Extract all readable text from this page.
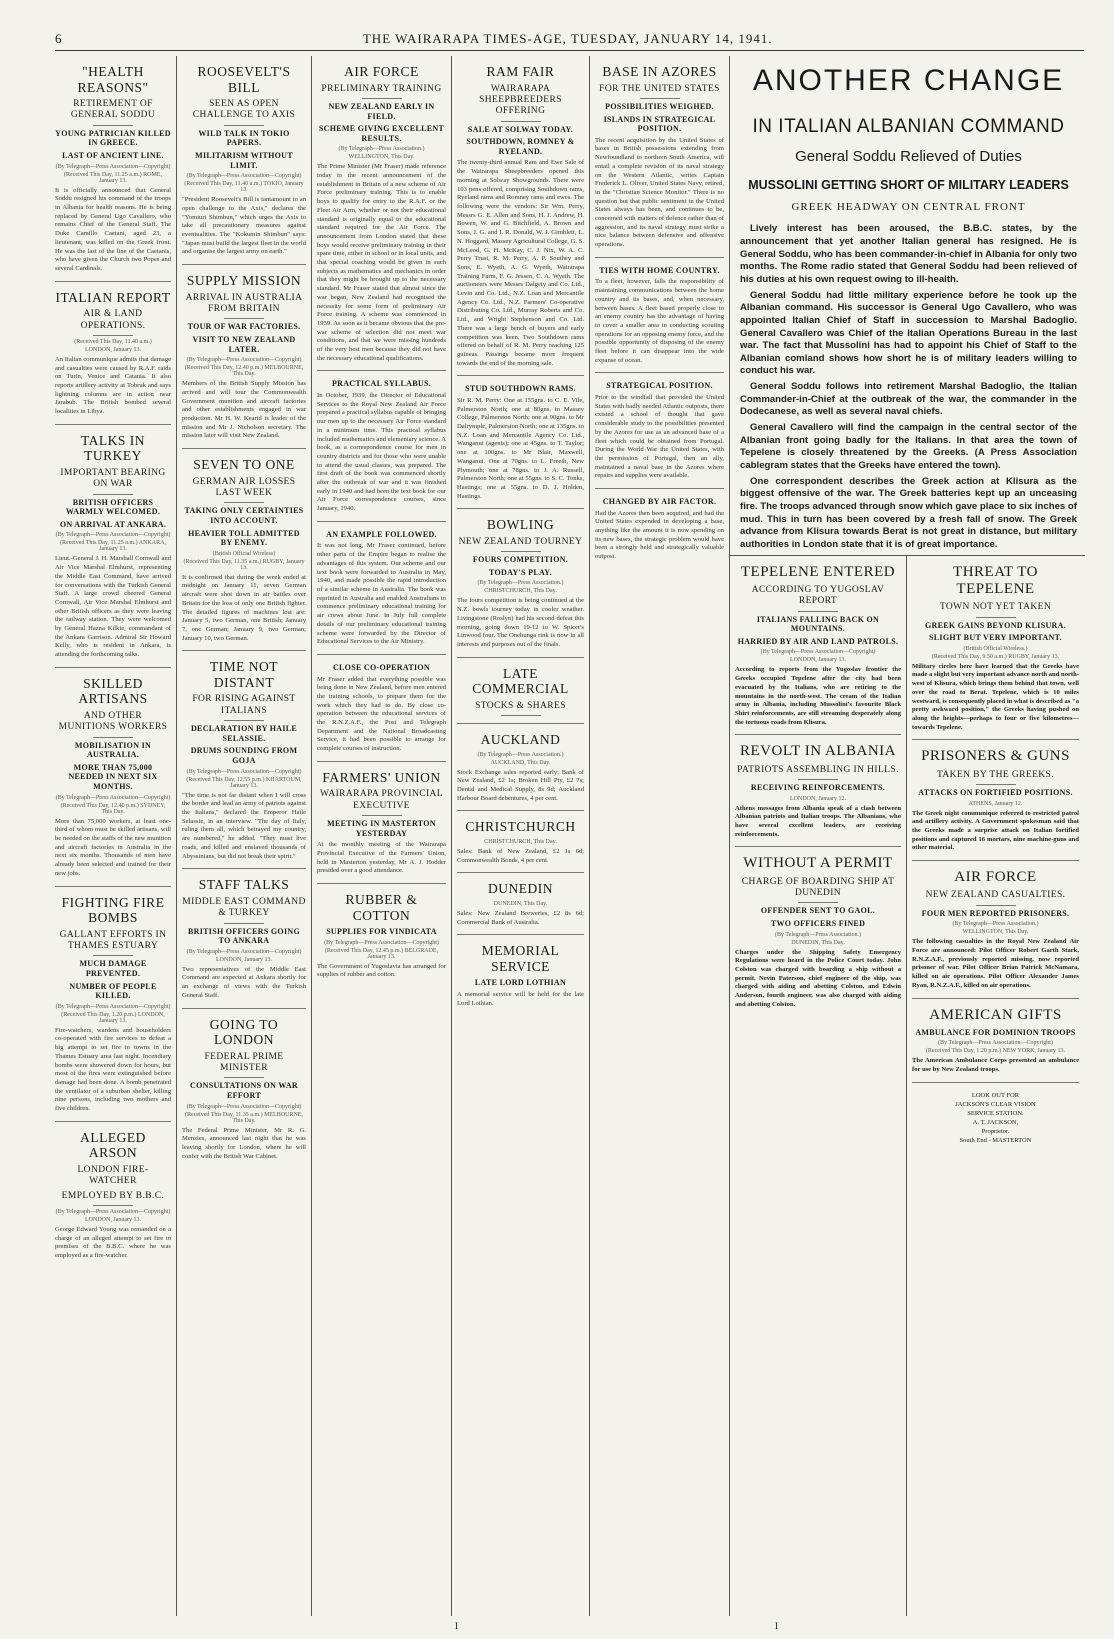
6	THE WAIRARAPA TIMES-AGE, TUESDAY, JANUARY 14, 1941.
"HEALTH REASONS"
RETIREMENT OF GENERAL SODDU
YOUNG PATRICIAN KILLED IN GREECE.
LAST OF ANCIENT LINE.
(By Telegraph—Press Association—Copyright)
(Received This Day, 11.25 a.m.) ROME, January 13.

It is officially announced that General Soddu resigned his command of the troops in Albania for health reasons. He is being replaced by General Ugo Cavallero, who remains Chief of the General Staff. The Duke Camillo Caetani, aged 23, a lieutenant, was killed on the Greek front. He was the last of the line of the Caetanis, who have given the Church two Popes and several Cardinals.

ITALIAN REPORT
AIR & LAND OPERATIONS.
(Received This Day, 11.40 a.m.)
LONDON, January 13.

An Italian communique admits that damage and casualties were caused by R.A.F. raids on Turin, Venice and Catania. It also reports artillery activity at Tobruk and says lightning columns are in action near Jarabub. The British bombed several localities in Libya.

TALKS IN TURKEY
IMPORTANT BEARING ON WAR
BRITISH OFFICERS WARMLY WELCOMED.
ON ARRIVAL AT ANKARA.
(By Telegraph—Press Association—Copyright)
(Received This Day, 11.25 a.m.) ANKARA, January 13.

Lieut.-General J. H. Marshall Cornwall and Air Vice Marshal Elmhurst, representing the Middle East Command, have arrived for conversations with the Turkish General Staff. A large crowd cheered General Cornwall, Air Vice Marshal Elmhurst and other British officers as they were leaving the railway station. They were welcomed by General Hazna Kilkie, commandant of the Ankara Garrison. Admiral Sir Howard Kelly, who is resident in Ankara, is attending the forthcoming talks.

SKILLED ARTISANS
AND OTHER MUNITIONS WORKERS
MOBILISATION IN AUSTRALIA.
MORE THAN 75,000 NEEDED IN NEXT SIX MONTHS.
(By Telegraph—Press Association—Copyright)
(Received This Day, 12.40 p.m.) SYDNEY, This Day.

More than 75,000 workers, at least one-third of whom must be skilled artisans, will be needed on the staffs of the new munition and aircraft factories in Australia in the next six months. Thousands of men have already been selected and trained for their new jobs.

FIGHTING FIRE BOMBS
GALLANT EFFORTS IN THAMES ESTUARY
MUCH DAMAGE PREVENTED.
NUMBER OF PEOPLE KILLED.
(By Telegraph—Press Association—Copyright)
(Received This Day, 1.20 p.m.) LONDON, January 13.

Fire-watchers, wardens and householders co-operated with fire services to defeat a big attempt to set fire to towns in the Thames Estuary area last night. Incendiary bombs were showered down for hours, but most of the fires were extinguished before damage had been done. A bomb penetrated the ventilator of a suburban shelter, killing nine persons, including two mothers and five children.

ALLEGED ARSON
LONDON FIRE-WATCHER
EMPLOYED BY B.B.C.
(By Telegraph—Press Association—Copyright)
LONDON, January 13.

George Edward Young was remanded on a charge of an alleged attempt to set fire to premises of the B.B.C. where he was employed as a fire-watcher.

ROOSEVELT'S BILL
SEEN AS OPEN CHALLENGE TO AXIS
WILD TALK IN TOKIO PAPERS.
MILITARISM WITHOUT LIMIT.
(By Telegraph—Press Association—Copyright)
(Received This Day, 11.40 a.m.) TOKIO, January 13.

"President Roosevelt's Bill is tantamount to an open challenge to the Axis," declares the "Yomiuri Shimbun," which urges the Axis to take all precautionary measures against eventualities. The "Kokumin Shimbun" says: "Japan must build the largest fleet in the world and organise the largest army on earth."

SUPPLY MISSION
ARRIVAL IN AUSTRALIA FROM BRITAIN
TOUR OF WAR FACTORIES.
VISIT TO NEW ZEALAND LATER.
(By Telegraph—Press Association—Copyright)
(Received This Day, 12.40 p.m.) MELBOURNE, This Day.

Members of the British Supply Mission has arrived and will tour the Commonwealth Government munition and aircraft factories and other establishments engaged in war production. Mr H. W. Kearid is leader of the mission and Mr J. Nicholson secretary. The mission later will visit New Zealand.

SEVEN TO ONE
GERMAN AIR LOSSES LAST WEEK
TAKING ONLY CERTAINTIES INTO ACCOUNT.
HEAVIER TOLL ADMITTED BY ENEMY.
(British Official Wireless)
(Received This Day, 11.35 a.m.) RUGBY, January 13.

It is confirmed that during the week ended at midnight on January 11, seven German aircraft were shot down in air battles over Britain for the loss of only one British fighter. The detailed figures of machines lost are: January 5, two German, one British; January 7, one German; January 9, two German; January 10, two German.

TIME NOT DISTANT
FOR RISING AGAINST ITALIANS
DECLARATION BY HAILE SELASSIE.
DRUMS SOUNDING FROM GOJA
(By Telegraph—Press Association—Copyright)
(Received This Day, 12.55 p.m.) KHARTOUM, January 13.

"The time is not far distant when I will cross the border and lead an army of patriots against the Italians," declared the Emperor Haile Selassie, in an interview. "The day of Italy, ruling them all, which betrayed my country, are numbered," he added. "They must live roads, and killed and enslaved thousands of Abyssinians, but did not break their spirit."

STAFF TALKS
MIDDLE EAST COMMAND & TURKEY
BRITISH OFFICERS GOING TO ANKARA
(By Telegraph—Press Association—Copyright)
LONDON, January 13.

Two representatives of the Middle East Command are expected at Ankara shortly for an exchange of views with the Turkish General Staff.

GOING TO LONDON
FEDERAL PRIME MINISTER
CONSULTATIONS ON WAR EFFORT
(By Telegraph—Press Association—Copyright)
(Received This Day, 11.35 a.m.) MELBOURNE, This Day.

The Federal Prime Minister, Mr R. G. Menzies, announced last night that he was leaving shortly for London, where he will confer with the British War Cabinet.

AIR FORCE
PRELIMINARY TRAINING
NEW ZEALAND EARLY IN FIELD.
SCHEME GIVING EXCELLENT RESULTS.
(By Telegraph—Press Association.)
WELLINGTON, This Day.

The Prime Minister (Mr Fraser) made reference today to the recent announcement of the establishment in Britain of a new scheme of Air Force preliminary training. This is to enable boys to qualify for entry to the R.A.F. or the Fleet Air Arm, whether or not their educational standard is originally equal to the educational standard required for the Air Force. The announcement from London stated that these boys would receive preliminary training in their spare time, either in school or in local units, and that special coaching would be given in such subjects as mathematics and mechanics in order that they might be brought up to the necessary standard. Mr Fraser stated that almost since the war began, New Zealand had recognised the necessity for some form of preliminary Air Force training. A scheme was commenced in 1939. As soon as it became obvious that the pre-war scheme of selection did not meet war conditions, and that we were missing hundreds of the very best men because they did not have the necessary educational qualifications.

PRACTICAL SYLLABUS.

In October, 1939, the Director of Educational Services to the Royal New Zealand Air Force prepared a practical syllabus capable of bringing our men up to the necessary Air Force standard in a minimum time. This practical syllabus included mathematics and elementary science. A book, as a correspondence course for men in country districts and for those who were unable to attend the usual classes, was prepared. The first draft of the book was commenced shortly after the outbreak of war and it was finished early in 1940 and had been the text book for our Air Force correspondence courses, since January, 1940.

AN EXAMPLE FOLLOWED.

It was not long, Mr Fraser continued, before other parts of the Empire began to realise the advantages of this system. Our scheme and our text book were forwarded to Australia in May, 1940, and made possible the rapid introduction of a similar scheme in Australia. The book was reprinted in Australia and enabled Australians to commence preliminary educational training for air crews about June. In July full complete details of our preliminary educational training scheme were forwarded by the Director of Educational Services to the Air Ministry.

CLOSE CO-OPERATION

Mr Fraser added that everything possible was being done in New Zealand, before men entered the training schools, to prepare them for the work which they had to do. By close co-operation between the educational services of the R.N.Z.A.F., the Post and Telegraph Department and the National Broadcasting Service, it had been possible to arrange for complete courses of instruction.

FARMERS' UNION
WAIRARAPA PROVINCIAL EXECUTIVE
MEETING IN MASTERTON YESTERDAY

At the monthly meeting of the Wairarapa Provincial Executive of the Farmers' Union, held in Masterton yesterday, Mr A. J. Hodder presided over a good attendance.

RUBBER & COTTON
SUPPLIES FOR VINDICATA
(By Telegraph—Press Association—Copyright)
(Received This Day, 12.45 p.m.) BELGRADE, January 13.

The Government of Yugoslavia has arranged for supplies of rubber and cotton.

RAM FAIR
WAIRARAPA SHEEPBREEDERS OFFERING
SALE AT SOLWAY TODAY.
SOUTHDOWN, ROMNEY & RYELAND.

The twenty-third annual Ram and Ewe Sale of the Wairarapa Sheepbreeders opened this morning at Solway Showgrounds. There were 103 pens offered, comprising Southdown rams, Ryeland rams and Romney rams and ewes. The following were the vendors: Sir Wm. Perry, Messrs G. E. Allen and Sons, H. J. Andrew, H. Bowen, W. and G. Bitchfield, A. Brown and Sons, J. G. and I. R. Donald, W. J. Gimblett, L. N. Hoggard, Massey Agricultural College, G. S. McLeod, G. H. McKay, C. J. Nix, W. A. C. Perry Trust, R. M. Perry, A. P. Southey and Sons, E. Wyeth, A. G. Wyeth, Wairarapa Training Farm, F. G. Jessen, C. A. Wyeth. The auctioneers were Messrs Dalgety and Co. Ltd., Levin and Co. Ltd., N.Z. Loan and Mercantile Agency Co. Ltd., N.Z. Farmers' Co-operative Distributing Co. Ltd., Murray Roberts and Co. Ltd., and Wright Stephenson and Co. Ltd. There was a large bench of buyers and early competition was keen. Two Southdown rams offered on behalf of R. M. Perry reaching 125 guineas. Passings became more frequent towards the end of the morning sale.

STUD SOUTHDOWN RAMS.

Sir R. M. Perry: One at 155gns. to C. E. Vile, Palmerston North; one at 80gns. to Massey College, Palmerston North; one at 90gns. to Mr Dalrymple, Palmerston North; one at 135gns. to N.Z. Loan and Mercantile Agency Co. Ltd., Wanganui (agents); one at 45gns. to T. Taylor; one at 100gns. to Mr Blair, Maxwell, Wanganui. One at 70gns. to L. Freeth, New Plymouth; one at 78gns. to J. A. Russell, Palmerston North; one at 55gns. to S. C. Tonks, Hastings; one at 55gns. to D. J. Holden, Hastings.

BOWLING
NEW ZEALAND TOURNEY
FOURS COMPETITION.
TODAY'S PLAY.
(By Telegraph—Press Association.)
CHRISTCHURCH, This Day.

The fours competition is being continued at the N.Z. bowls tourney today in cooler weather. Livingstone (Roslyn) had his second defeat this morning, going down 19-12 to W. Spicer's Linwood four. The Onehunga rink is now in all interests and purposes out of the finals.

LATE COMMERCIAL
STOCKS & SHARES
AUCKLAND
(By Telegraph—Press Association.)
AUCKLAND, This Day.

Stock Exchange sales reported early: Bank of New Zealand, £2 1s; Broken Hill Pty, £2 7s; Dental and Medical Supply, 8s 9d; Auckland Harbour Board debentures, 4 per cent.

CHRISTCHURCH
CHRISTCHURCH, This Day.

Sales: Bank of New Zealand, £2 1s 6d; Commonwealth Bonds, 4 per cent.

DUNEDIN
DUNEDIN, This Day.

Sales: New Zealand Breweries, £2 8s 6d; Commercial Bank of Australia.

MEMORIAL SERVICE
LATE LORD LOTHIAN

A memorial service will be held for the late Lord Lothian.

BASE IN AZORES
FOR THE UNITED STATES
POSSIBILITIES WEIGHED.
ISLANDS IN STRATEGICAL POSITION.

The recent acquisition by the United States of bases in British possessions extending from Newfoundland to northern South America, will entail a complete revision of its naval strategy on the Western Atlantic, writes Captain Frederick L. Oliver, United States Navy, retired, in the "Christian Science Monitor." There is no question but that public sentiment in the United States always has been, and continues to be, concerned with matters of defence rather than of aggression, and its naval strategy must strike a nice balance between defensive and offensive operations.

TIES WITH HOME COUNTRY.

To a fleet, however, falls the responsibility of maintaining communications between the home country and its bases, and, when necessary, between bases. A fleet based properly close to an enemy country has the advantage of having to cover a smaller area in conducting scouting operations for an opposing enemy force, and the possible opportunity of disposing of the enemy fleet before it can disappear into the wide expanse of ocean.

STRATEGICAL POSITION.

Prior to the windfall that provided the United States with badly needed Atlantic outposts, there existed a school of thought that gave considerable study to the possibilities presented by the Azores for use as an advanced base of a fleet which could be obtained from Portugal. During the World War the United States, with the permission of Portugal, then an ally, maintained a naval base in the Azores where repairs and supplies were available.

CHANGED BY AIR FACTOR.

Had the Azores then been acquired, and had the United States expended in developing a base, anything like the amount it is now spending on its new bases, the strategic problem would have been a strongly held and strategically valuable outpost.

ANOTHER CHANGE
IN ITALIAN ALBANIAN COMMAND
General Soddu Relieved of Duties
MUSSOLINI GETTING SHORT OF MILITARY LEADERS
GREEK HEADWAY ON CENTRAL FRONT

Lively interest has been aroused, the B.B.C. states, by the announcement that yet another Italian general has resigned. He is General Soddu, who has been commander-in-chief in Albania for only two months. The Rome radio stated that General Soddu had been relieved of his duties at his own request owing to ill-health.

General Soddu had little military experience before he took up the Albanian command. His successor is General Ugo Cavallero, who was appointed Italian Chief of Staff in succession to Marshal Badoglio. General Cavallero was Chief of the Italian Operations Bureau in the last war. The fact that Mussolini has had to appoint his Chief of Staff to the Albanian comland shows how short he is of military leaders willing to conduct his war.

General Soddu follows into retirement Marshal Badoglio, the Italian Commander-in-Chief at the outbreak of the war, the commander in the Dodecanese, as well as several naval chiefs.

General Cavallero will find the campaign in the central sector of the Albanian front going badly for the Italians. In that area the town of Tepelene is closely threatened by the Greeks. (A Press Association cablegram states that the Greeks have entered the town).

One correspondent describes the Greek action at Klisura as the biggest offensive of the war. The Greek batteries kept up an unceasing fire. The troops advanced through snow which gave place to six inches of mud. This in turn has been covered by a fresh fall of snow. The Greek advance from Klisura towards Berat is not great in distance, but military authorities in London state that it is of great importance.

TEPELENE ENTERED
ACCORDING TO YUGOSLAV REPORT
ITALIANS FALLING BACK ON MOUNTAINS.
HARRIED BY AIR AND LAND PATROLS.
(By Telegraph—Press Association—Copyright)
LONDON, January 13.

According to reports from the Yugoslav frontier the Greeks occupied Tepelene after the city had been evacuated by the Italians, who are retiring to the mountains in the north-west. The cream of the Italian army in Albania, including Mussolini's favourite Black Shirt reinforcements, are still streaming desperately along the tortuous roads from Klisura.

REVOLT IN ALBANIA
PATRIOTS ASSEMBLING IN HILLS.
RECEIVING REINFORCEMENTS.
LONDON, January 12.

Athens messages from Albania speak of a clash between Albanian patriots and Italian troops. The Albanians, who have several excellent leaders, are receiving reinforcements.

WITHOUT A PERMIT
CHARGE OF BOARDING SHIP AT DUNEDIN
OFFENDER SENT TO GAOL.
TWO OFFICERS FINED
(By Telegraph—Press Association.)
DUNEDIN, This Day.

Charges under the Shipping Safety Emergency Regulations were heard in the Police Court today. John Colston was charged with boarding a ship without a permit. Nevin Paterson, chief engineer of the ship, was charged with aiding and abetting Colston, and Edwin Anderson, fourth engineer, was also charged with aiding and abetting Colston.

THREAT TO TEPELENE
TOWN NOT YET TAKEN
GREEK GAINS BEYOND KLISURA.
SLIGHT BUT VERY IMPORTANT.
(British Official Wireless.)
(Received This Day, 9.50 a.m.) RUGBY, January 13.

Military circles here have learned that the Greeks have made a slight but very important advance north and north-west of Klisura, which brings them behind that town, well over the road to Berat. Tepelene, which is 10 miles westward, is consequently placed in what is described as "a pretty awkward position," the Greeks having pushed on along the heights—perhaps to four or five kilometres—towards Tepelene.

PRISONERS & GUNS
TAKEN BY THE GREEKS.
ATTACKS ON FORTIFIED POSITIONS.
ATHENS, January 12.

The Greek night communique referred to restricted patrol and artillery activity. A Government spokesman said that the Greeks made a surprise attack on Italian fortified positions and captured 16 mortars, nine machine-guns and other material.

AIR FORCE
NEW ZEALAND CASUALTIES.
FOUR MEN REPORTED PRISONERS.
(By Telegraph—Press Association.)
WELLINGTON, This Day.

The following casualties in the Royal New Zealand Air Force are announced: Pilot Officer Robert Garth Stark, R.N.Z.A.F., previously reported missing, now reported prisoner of war. Pilot Officer Brian Patrick McNamara, killed on air operations. Pilot Officer Alexander James Ryan, R.N.Z.A.F., killed on air operations.

AMERICAN GIFTS
AMBULANCE FOR DOMINION TROOPS
(By Telegraph—Press Association—Copyright)
(Received This Day, 1.20 p.m.) NEW YORK, January 13.

The American Ambulance Corps presented an ambulance for use by New Zealand troops.

LOOK OUT FOR
JACKSON'S CLEAR VISION
SERVICE STATION.
A. T. JACKSON,
Proprietor.
South End - MASTERTON
I	I
